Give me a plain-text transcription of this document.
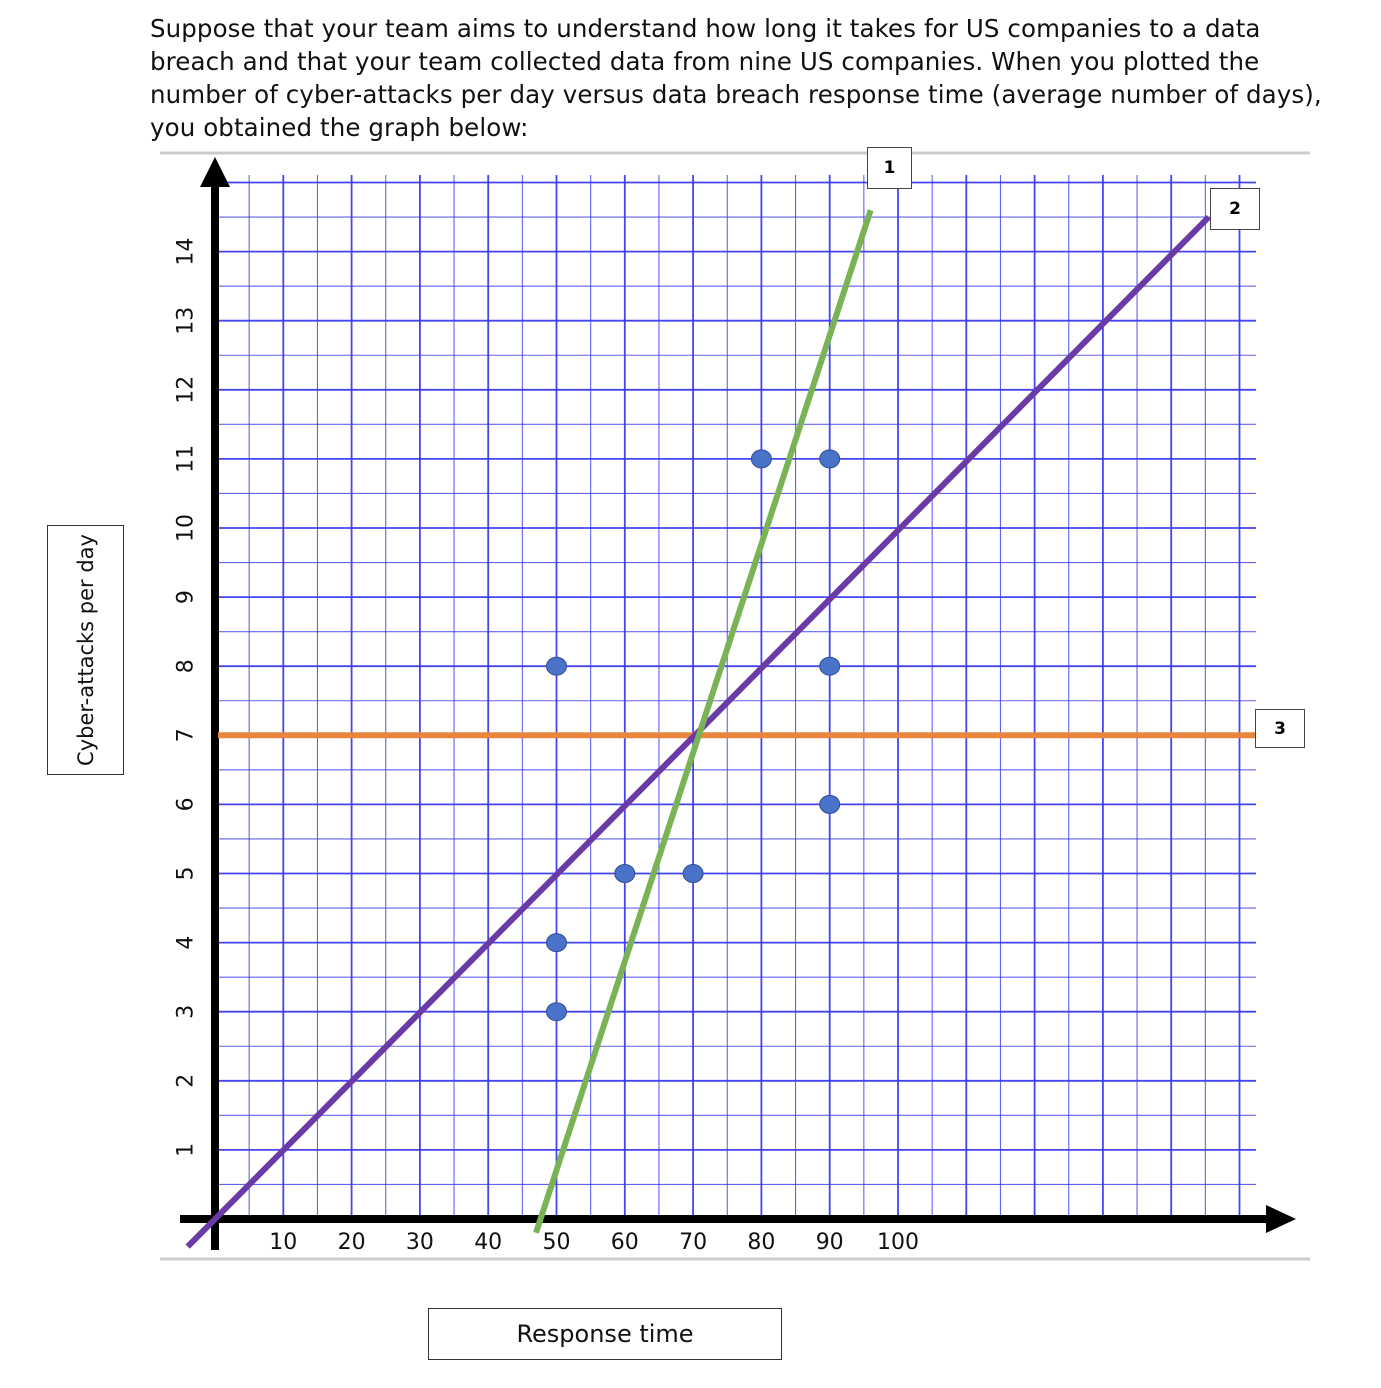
Suppose that your team aims to understand how long it takes for US companies to a data breach and that your team collected data from nine US companies. When you plotted the number of cyber-attacks per day versus data breach response time (average number of days), you obtained the graph below:
10 20 30 40 50 60 70 80 90 100
1
2
3
4
5
6
7
8
9
10
11
12
13
14
Cyber-attacks per day
Response time
1
2
3
